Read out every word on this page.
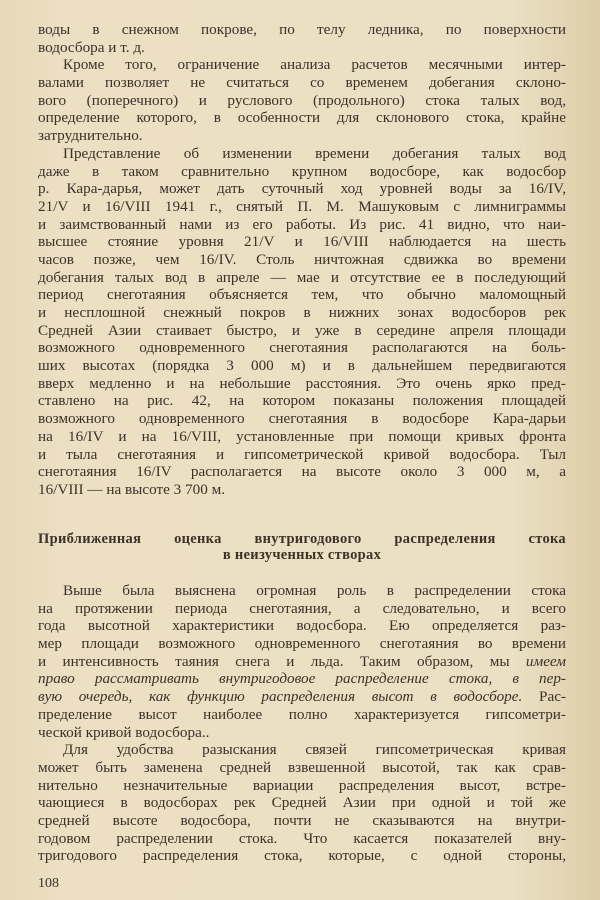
воды в снежном покрове, по телу ледника, по поверхности
водосбора и т. д.
Кроме того, ограничение анализа расчетов месячными интер-
валами позволяет не считаться со временем добегания склоно-
вого (поперечного) и руслового (продольного) стока талых вод,
определение которого, в особенности для склонового стока, крайне
затруднительно.
Представление об изменении времени добегания талых вод
даже в таком сравнительно крупном водосборе, как водосбор
р. Кара-дарья, может дать суточный ход уровней воды за 16/IV,
21/V и 16/VIII 1941 г., снятый П. М. Машуковым с лимниграммы
и заимствованный нами из его работы. Из рис. 41 видно, что наи-
высшее стояние уровня 21/V и 16/VIII наблюдается на шесть
часов позже, чем 16/IV. Столь ничтожная сдвижка во времени
добегания талых вод в апреле — мае и отсутствие ее в последующий
период снеготаяния объясняется тем, что обычно маломощный
и несплошной снежный покров в нижних зонах водосборов рек
Средней Азии стаивает быстро, и уже в середине апреля площади
возможного одновременного снеготаяния располагаются на боль-
ших высотах (порядка 3 000 м) и в дальнейшем передвигаются
вверх медленно и на небольшие расстояния. Это очень ярко пред-
ставлено на рис. 42, на котором показаны положения площадей
возможного одновременного снеготаяния в водосборе Кара-дарьи
на 16/IV и на 16/VIII, установленные при помощи кривых фронта
и тыла снеготаяния и гипсометрической кривой водосбора. Тыл
снеготаяния 16/IV располагается на высоте около 3 000 м, а
16/VIII — на высоте 3 700 м.
Приближенная оценка внутригодового распределения стока
в неизученных створах
Выше была выяснена огромная роль в распределении стока
на протяжении периода снеготаяния, а следовательно, и всего
года высотной характеристики водосбора. Ею определяется раз-
мер площади возможного одновременного снеготаяния во времени
и интенсивность таяния снега и льда. Таким образом, мы имеем
право рассматривать внутригодовое распределение стока, в пер-
вую очередь, как функцию распределения высот в водосборе. Рас-
пределение высот наиболее полно характеризуется гипсометри-
ческой кривой водосбора..
Для удобства разыскания связей гипсометрическая кривая
может быть заменена средней взвешенной высотой, так как срав-
нительно незначительные вариации распределения высот, встре-
чающиеся в водосборах рек Средней Азии при одной и той же
средней высоте водосбора, почти не сказываются на внутри-
годовом распределении стока. Что касается показателей вну-
тригодового распределения стока, которые, с одной стороны,
108
